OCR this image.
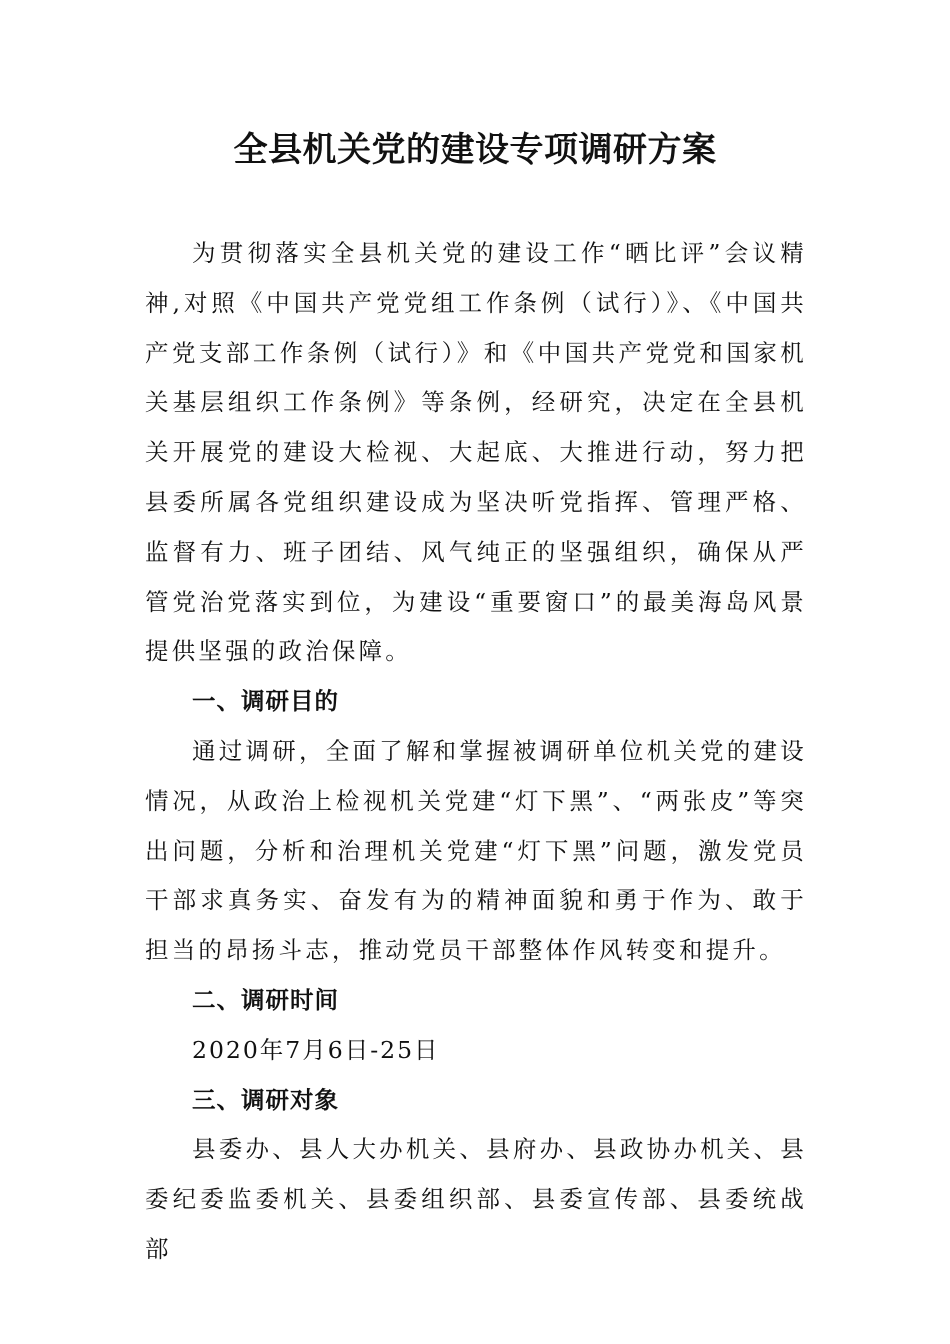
全县机关党的建设专项调研方案

为贯彻落实全县机关党的建设工作“晒比评”会议精神,对照《中国共产党党组工作条例（试行）》、《中国共产党支部工作条例（试行）》和《中国共产党党和国家机关基层组织工作条例》等条例，经研究，决定在全县机关开展党的建设大检视、大起底、大推进行动，努力把县委所属各党组织建设成为坚决听党指挥、管理严格、监督有力、班子团结、风气纯正的坚强组织，确保从严管党治党落实到位，为建设“重要窗口”的最美海岛风景提供坚强的政治保障。

一、调研目的

通过调研，全面了解和掌握被调研单位机关党的建设情况，从政治上检视机关党建“灯下黑”、“两张皮”等突出问题，分析和治理机关党建“灯下黑”问题，激发党员干部求真务实、奋发有为的精神面貌和勇于作为、敢于担当的昂扬斗志，推动党员干部整体作风转变和提升。

二、调研时间

2020年7月6日-25日

三、调研对象

县委办、县人大办机关、县府办、县政协办机关、县委纪委监委机关、县委组织部、县委宣传部、县委统战部
